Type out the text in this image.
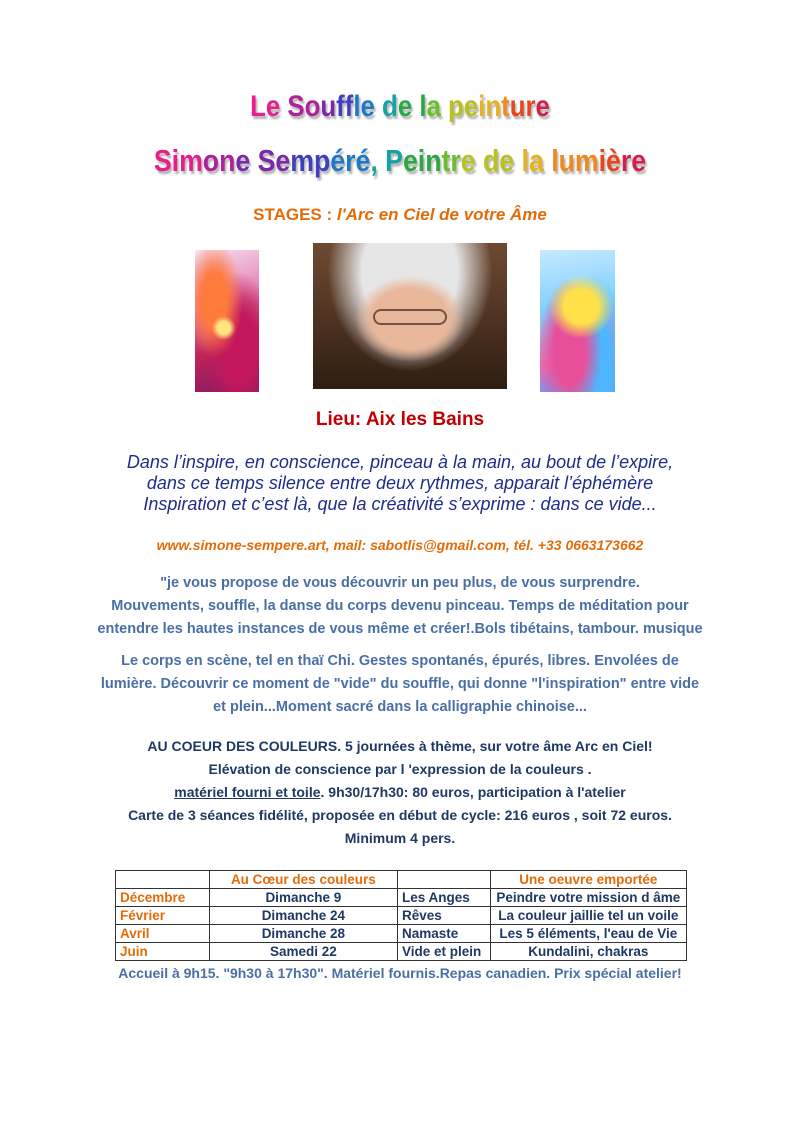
Le Souffle de la peinture
Simone Sempéré, Peintre de la lumière
STAGES : l'Arc en Ciel de votre Âme
Lieu: Aix les Bains
Dans l’inspire, en conscience, pinceau à la main, au bout de l’expire,
dans ce temps silence entre deux rythmes, apparait l’éphémère
Inspiration et c’est là, que la créativité s’exprime : dans ce vide...
www.simone-sempere.art, mail: sabotlis@gmail.com, tél. +33 0663173662
"je vous propose de vous découvrir un peu plus, de vous surprendre.
Mouvements, souffle, la danse du corps devenu pinceau. Temps de méditation pour
entendre les hautes instances de vous même et créer!.Bols tibétains, tambour. musique
Le corps en scène, tel en thaï Chi. Gestes spontanés, épurés, libres. Envolées de
lumière. Découvrir ce moment de "vide" du souffle, qui donne "l'inspiration" entre vide
et plein...Moment sacré dans la calligraphie chinoise...
AU COEUR DES COULEURS. 5 journées à thème, sur votre âme Arc en Ciel!
Elévation de conscience par l 'expression de la couleurs .
matériel fourni et toile. 9h30/17h30: 80 euros, participation à l'atelier
Carte de 3 séances fidélité, proposée en début de cycle: 216 euros , soit 72 euros.
Minimum 4 pers.
	Au Cœur des couleurs		Une oeuvre emportée
Décembre	Dimanche 9	Les Anges	Peindre votre mission d âme
Février	Dimanche 24	Rêves	La couleur jaillie tel un voile
Avril	Dimanche 28	Namaste	Les 5 éléments, l'eau de Vie
Juin	Samedi 22	Vide et plein	Kundalini, chakras
Accueil à 9h15. "9h30 à 17h30". Matériel fournis.Repas canadien. Prix spécial atelier!
